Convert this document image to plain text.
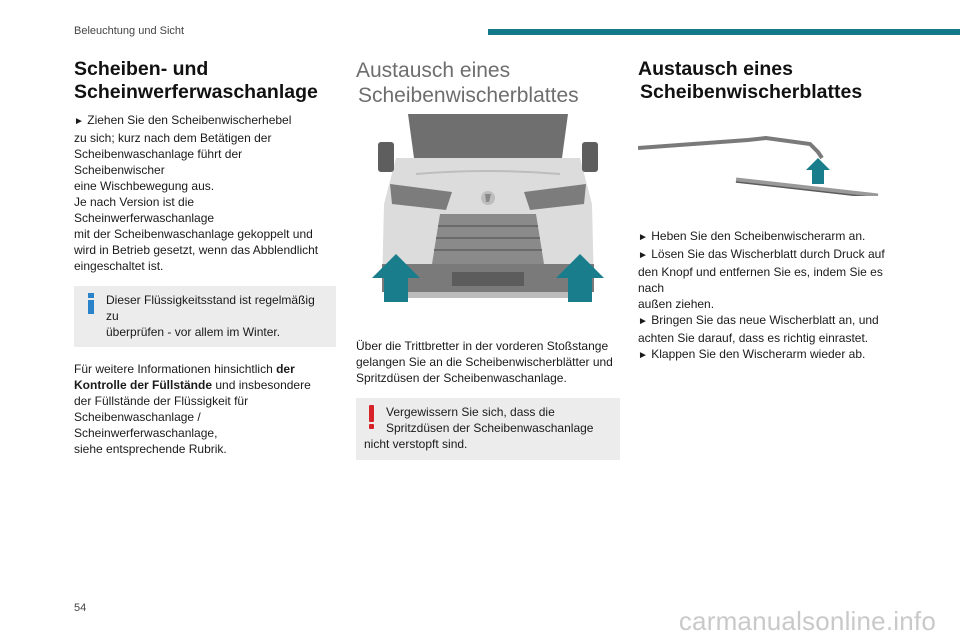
Beleuchtung und Sicht
Scheiben- und
Scheinwerferwaschanlage

► Ziehen Sie den Scheibenwischerhebel
zu sich; kurz nach dem Betätigen der
Scheibenwaschanlage führt der Scheibenwischer
eine Wischbewegung aus.
Je nach Version ist die Scheinwerferwaschanlage
mit der Scheibenwaschanlage gekoppelt und
wird in Betrieb gesetzt, wenn das Abblendlicht
eingeschaltet ist.

Dieser Flüssigkeitsstand ist regelmäßig zu
überprüfen - vor allem im Winter.

Für weitere Informationen hinsichtlich der
Kontrolle der Füllstände und insbesondere
der Füllstände der Flüssigkeit für
Scheibenwaschanlage / Scheinwerferwaschanlage,
siehe entsprechende Rubrik.

Austausch eines
Scheibenwischerblattes

Über die Trittbretter in der vorderen Stoßstange
gelangen Sie an die Scheibenwischerblätter und
Spritzdüsen der Scheibenwaschanlage.

Vergewissern Sie sich, dass die
Spritzdüsen der Scheibenwaschanlage
nicht verstopft sind.
Austausch eines
Scheibenwischerblattes

► Heben Sie den Scheibenwischerarm an.
► Lösen Sie das Wischerblatt durch Druck auf
den Knopf und entfernen Sie es, indem Sie es nach
außen ziehen.
► Bringen Sie das neue Wischerblatt an, und
achten Sie darauf, dass es richtig einrastet.
► Klappen Sie den Wischerarm wieder ab.

54	carmanualsonline.info
